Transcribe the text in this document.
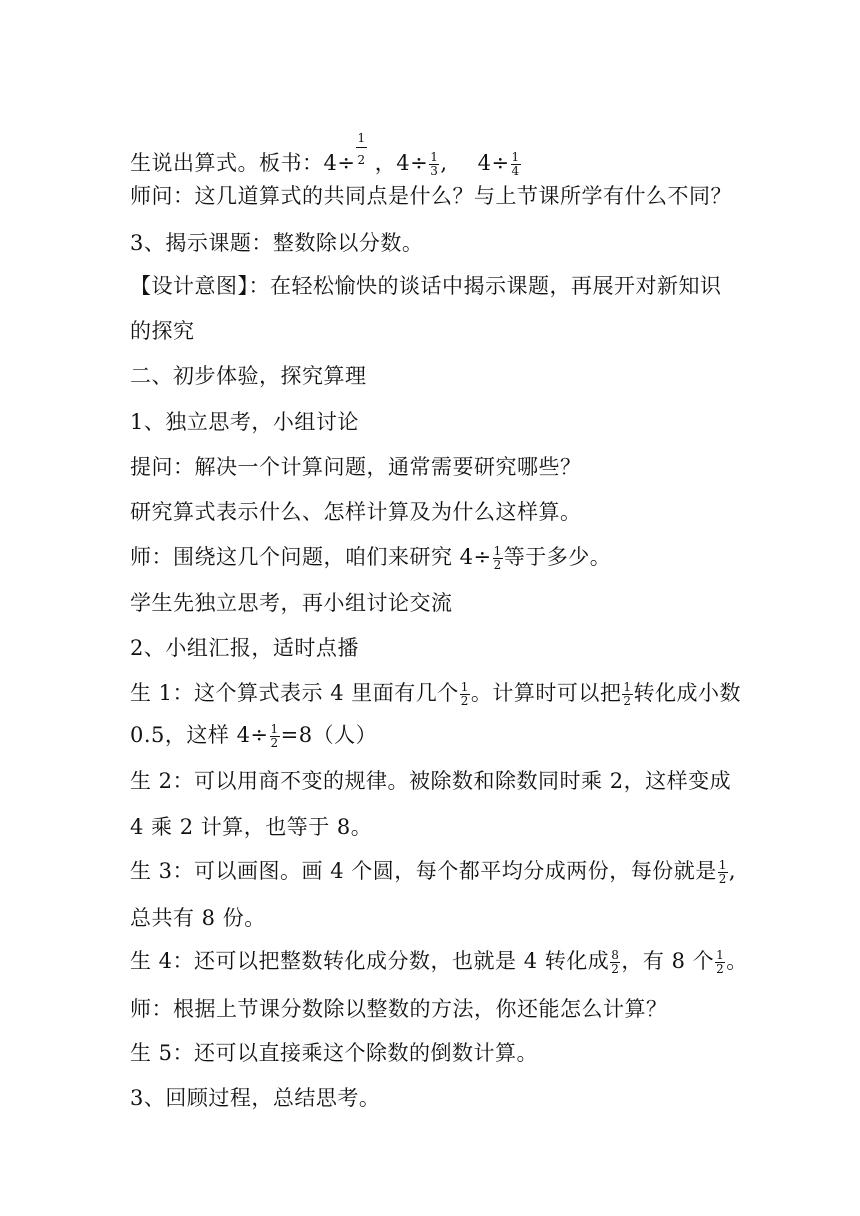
生说出算式。板书：$4\div \frac{1}{2}$ ，$4\div \frac{1}{3}$ , $4\div \frac{1}{4}$
师问：这几道算式的共同点是什么？与上节课所学有什么不同？
3、揭示课题：整数除以分数。
【设计意图】：在轻松愉快的谈话中揭示课题，再展开对新知识
的探究
二、初步体验，探究算理
1、独立思考，小组讨论
提问：解决一个计算问题，通常需要研究哪些？
研究算式表示什么、怎样计算及为什么这样算。
师：围绕这几个问题，咱们来研究 $4\div \frac{1}{2}$ 等于多少。
学生先独立思考，再小组讨论交流
2、小组汇报，适时点播
生 1：这个算式表示 4 里面有几个 $\frac{1}{2}$ 。计算时可以把 $\frac{1}{2}$ 转化成小数
0.5，这样 $4\div \frac{1}{2} =8$（人）
生 2：可以用商不变的规律。被除数和除数同时乘 2，这样变成
4 乘 2 计算，也等于 8。
生 3：可以画图。画 4 个圆，每个都平均分成两份，每份就是 $\frac{1}{2}$ ,
总共有 8 份。
生 4：还可以把整数转化成分数，也就是 4 转化成 $\frac{8}{2}$ ，有 8 个 $\frac{1}{2}$ 。
师：根据上节课分数除以整数的方法，你还能怎么计算？
生 5：还可以直接乘这个除数的倒数计算。
3、回顾过程，总结思考。
